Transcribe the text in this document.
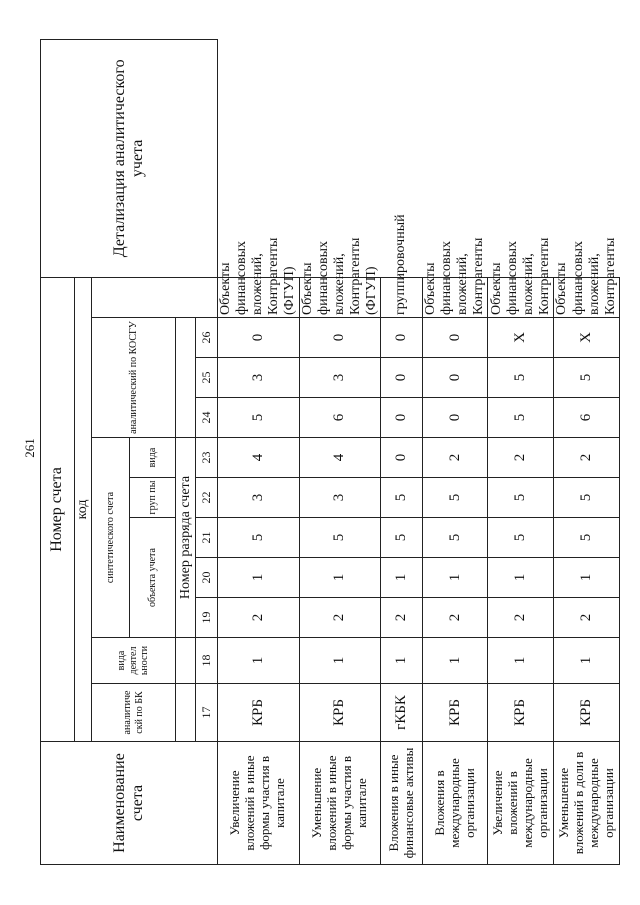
261
Наименование счета	Номер счета											Детализация аналитического учета
	код											
	аналитиче скй по БК	вида деятел ьности	синтетического счета					аналитический по КОСГУ				
			объекта учета			груп пы	вида					
			Номер разряда счета									
	17	18	19	20	21	22	23	24	25	26		
Увеличение вложений в иные формы участия в капитале	КРБ	1	2	1	5	3	4	5	3	0	Объекты финансовых вложений, Контрагенты (ФГУП)	
Уменьшение вложений в иные формы участия в капитале	КРБ	1	2	1	5	3	4	6	3	0	Объекты финансовых вложений, Контрагенты (ФГУП)	
Вложения в иные финансовые активы	гКБК	1	2	1	5	5	0	0	0	0	группировочный	
Вложения в международные организации	КРБ	1	2	1	5	5	2	0	0	0	Объекты финансовых вложений, Контрагенты	
Увеличение вложений в международные организации	КРБ	1	2	1	5	5	2	5	5	X	Объекты финансовых вложений, Контрагенты	
Уменьшение вложений в доли в международные организации	КРБ	1	2	1	5	5	2	6	5	X	Объекты финансовых вложений, Контрагенты	
